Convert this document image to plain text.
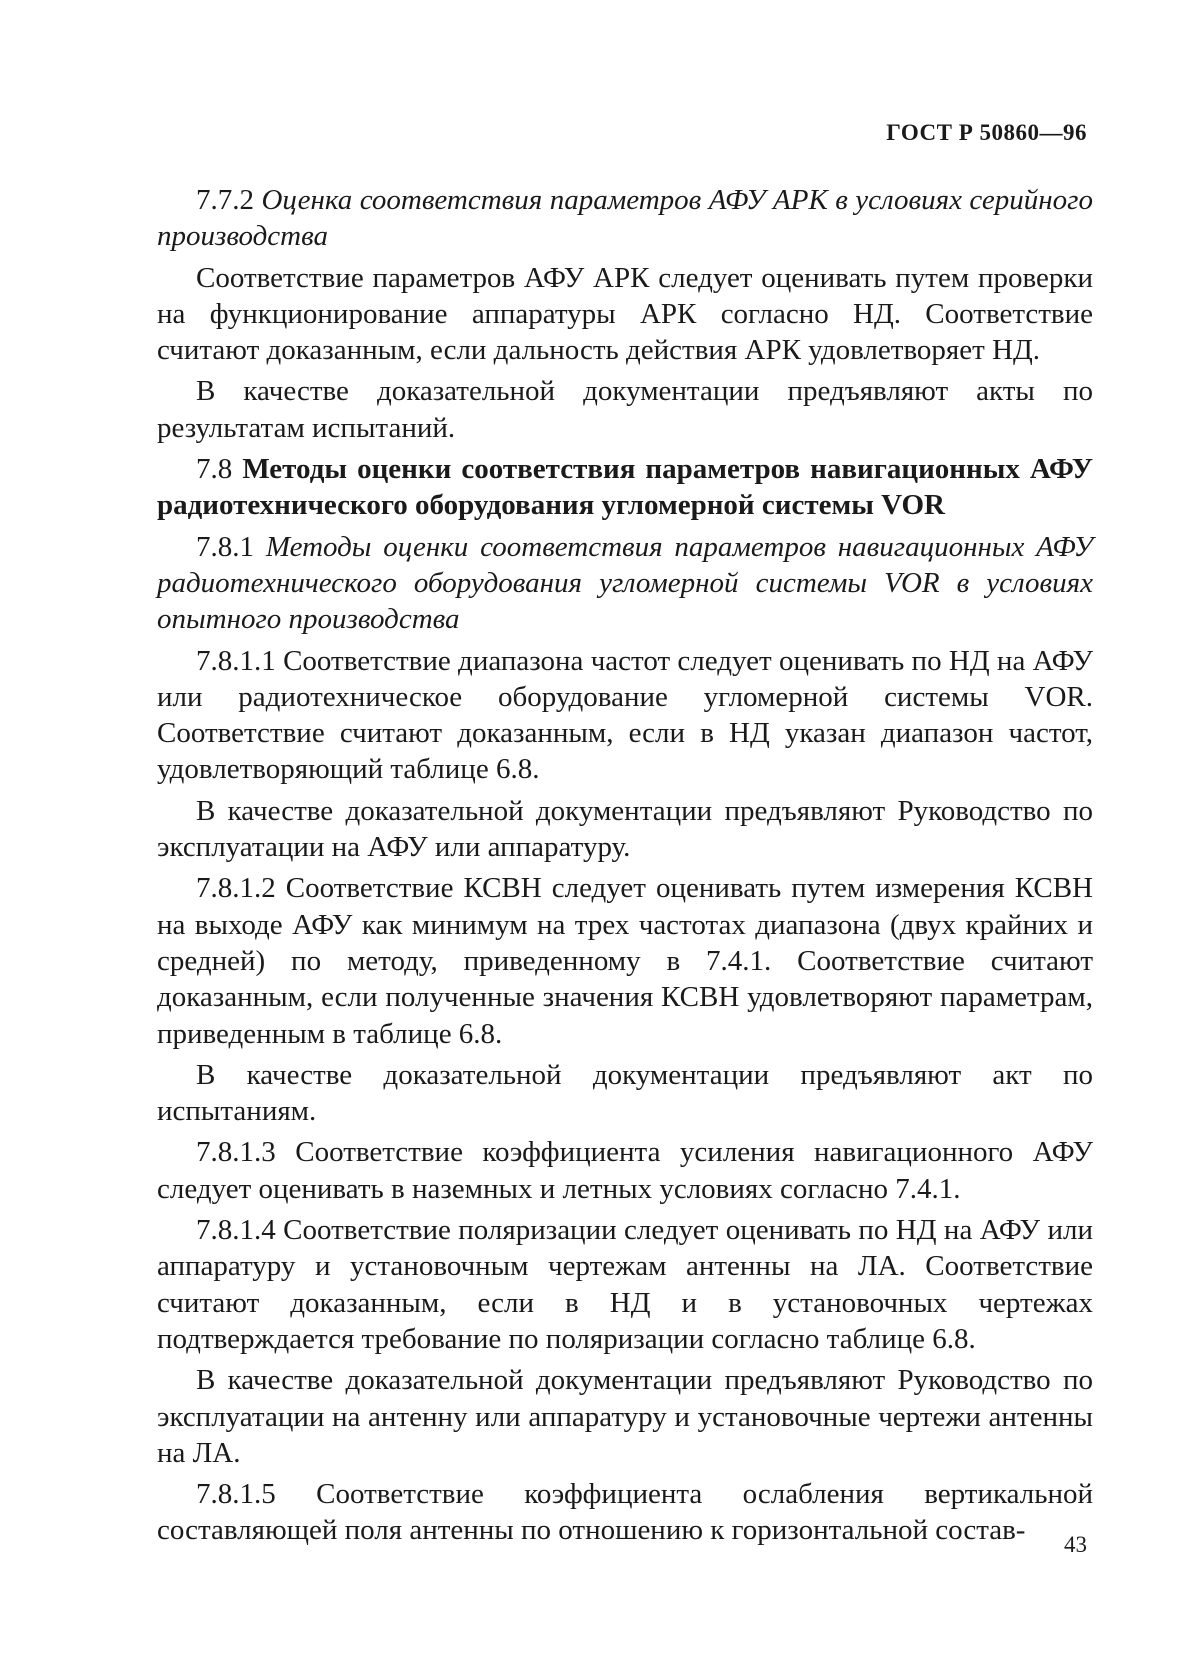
ГОСТ Р 50860—96

7.7.2 Оценка соответствия параметров АФУ АРК в условиях серийного производства

Соответствие параметров АФУ АРК следует оценивать путем проверки на функционирование аппаратуры АРК согласно НД. Соответствие считают доказанным, если дальность действия АРК удовлетворяет НД.

В качестве доказательной документации предъявляют акты по результатам испытаний.

7.8 Методы оценки соответствия параметров навигационных АФУ радиотехнического оборудования угломерной системы VOR

7.8.1 Методы оценки соответствия параметров навигационных АФУ радиотехнического оборудования угломерной системы VOR в условиях опытного производства

7.8.1.1 Соответствие диапазона частот следует оценивать по НД на АФУ или радиотехническое оборудование угломерной системы VOR. Соответствие считают доказанным, если в НД указан диапазон частот, удовлетворяющий таблице 6.8.

В качестве доказательной документации предъявляют Руководство по эксплуатации на АФУ или аппаратуру.

7.8.1.2 Соответствие КСВН следует оценивать путем измерения КСВН на выходе АФУ как минимум на трех частотах диапазона (двух крайних и средней) по методу, приведенному в 7.4.1. Соответствие считают доказанным, если полученные значения КСВН удовлетворяют параметрам, приведенным в таблице 6.8.

В качестве доказательной документации предъявляют акт по испытаниям.

7.8.1.3 Соответствие коэффициента усиления навигационного АФУ следует оценивать в наземных и летных условиях согласно 7.4.1.

7.8.1.4 Соответствие поляризации следует оценивать по НД на АФУ или аппаратуру и установочным чертежам антенны на ЛА. Соответствие считают доказанным, если в НД и в установочных чертежах подтверждается требование по поляризации согласно таблице 6.8.

В качестве доказательной документации предъявляют Руководство по эксплуатации на антенну или аппаратуру и установочные чертежи антенны на ЛА.

7.8.1.5 Соответствие коэффициента ослабления вертикальной составляющей поля антенны по отношению к горизонтальной состав-	43
